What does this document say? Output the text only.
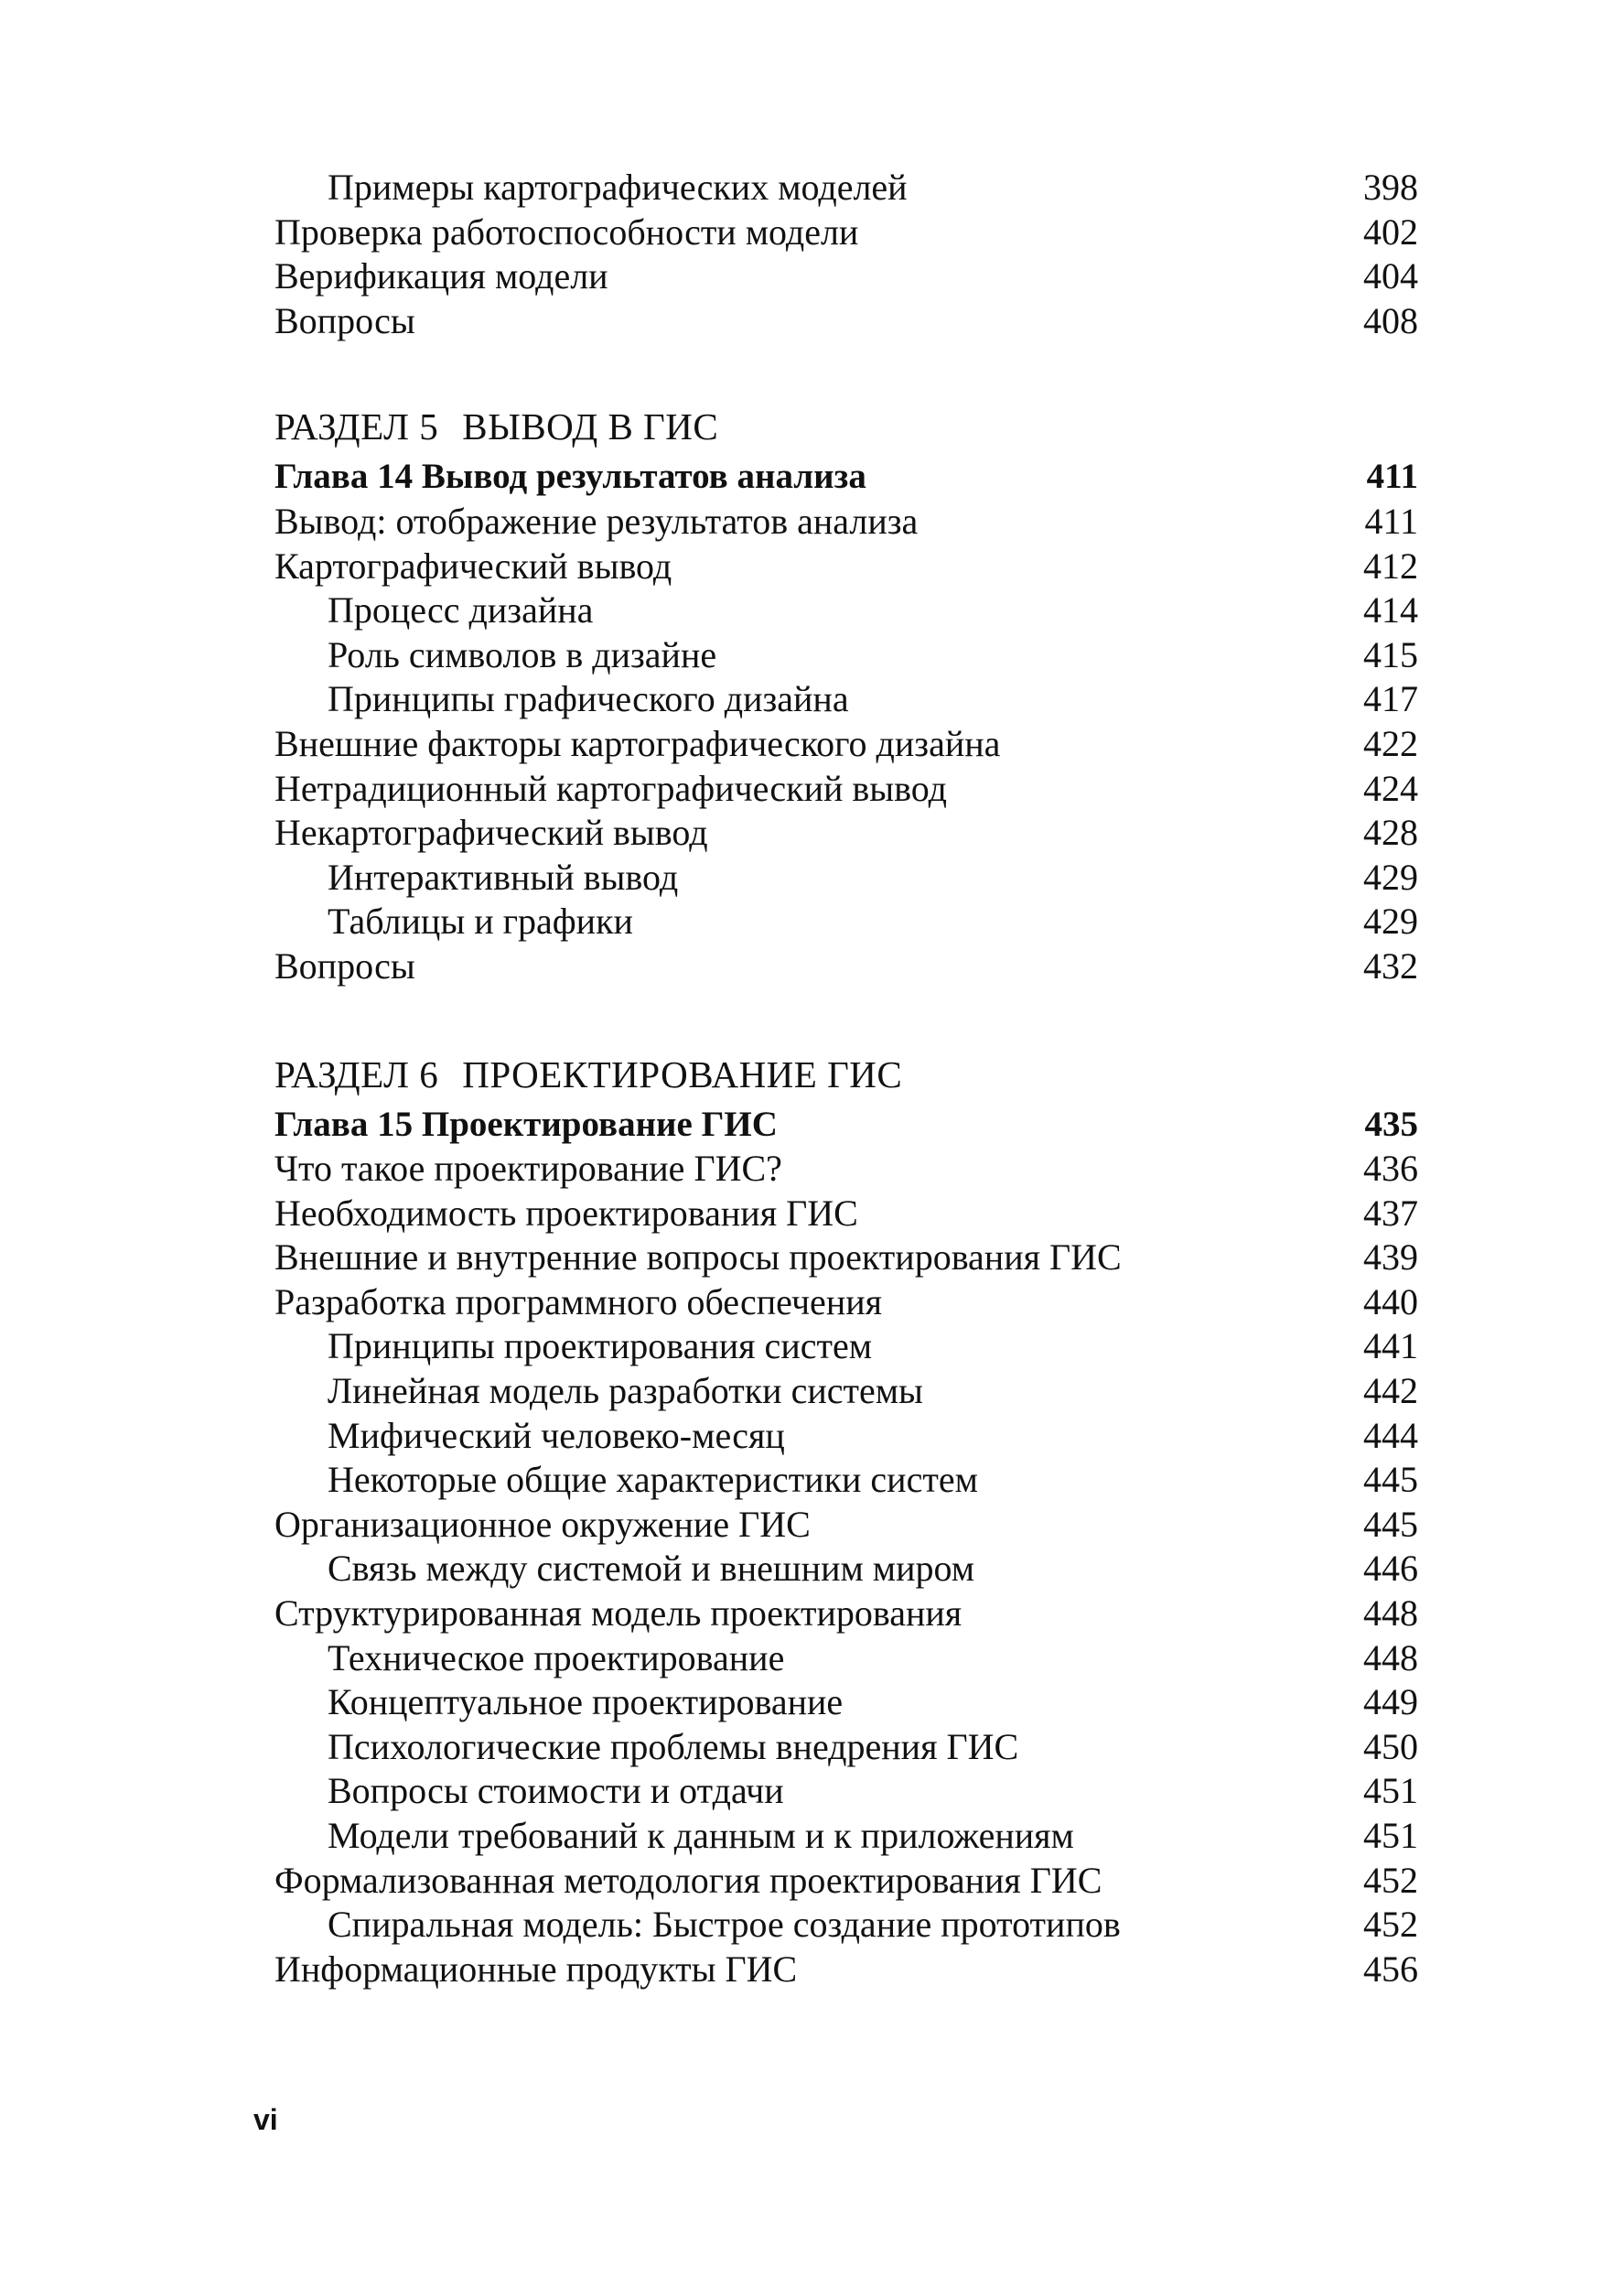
Примеры картографических моделей	398
Проверка работоспособности модели	402
Верификация модели	404
Вопросы	408
РАЗДЕЛ 5 ВЫВОД В ГИС
Глава 14 Вывод результатов анализа	411
Вывод: отображение результатов анализа	411
Картографический вывод	412
Процесс дизайна	414
Роль символов в дизайне	415
Принципы графического дизайна	417
Внешние факторы картографического дизайна	422
Нетрадиционный картографический вывод	424
Некартографический вывод	428
Интерактивный вывод	429
Таблицы и графики	429
Вопросы	432
РАЗДЕЛ 6 ПРОЕКТИРОВАНИЕ ГИС
Глава 15 Проектирование ГИС	435
Что такое проектирование ГИС?	436
Необходимость проектирования ГИС	437
Внешние и внутренние вопросы проектирования ГИС	439
Разработка программного обеспечения	440
Принципы проектирования систем	441
Линейная модель разработки системы	442
Мифический человеко-месяц	444
Некоторые общие характеристики систем	445
Организационное окружение ГИС	445
Связь между системой и внешним миром	446
Структурированная модель проектирования	448
Техническое проектирование	448
Концептуальное проектирование	449
Психологические проблемы внедрения ГИС	450
Вопросы стоимости и отдачи	451
Модели требований к данным и к приложениям	451
Формализованная методология проектирования ГИС	452
Спиральная модель: Быстрое создание прототипов	452
Информационные продукты ГИС	456
vi
